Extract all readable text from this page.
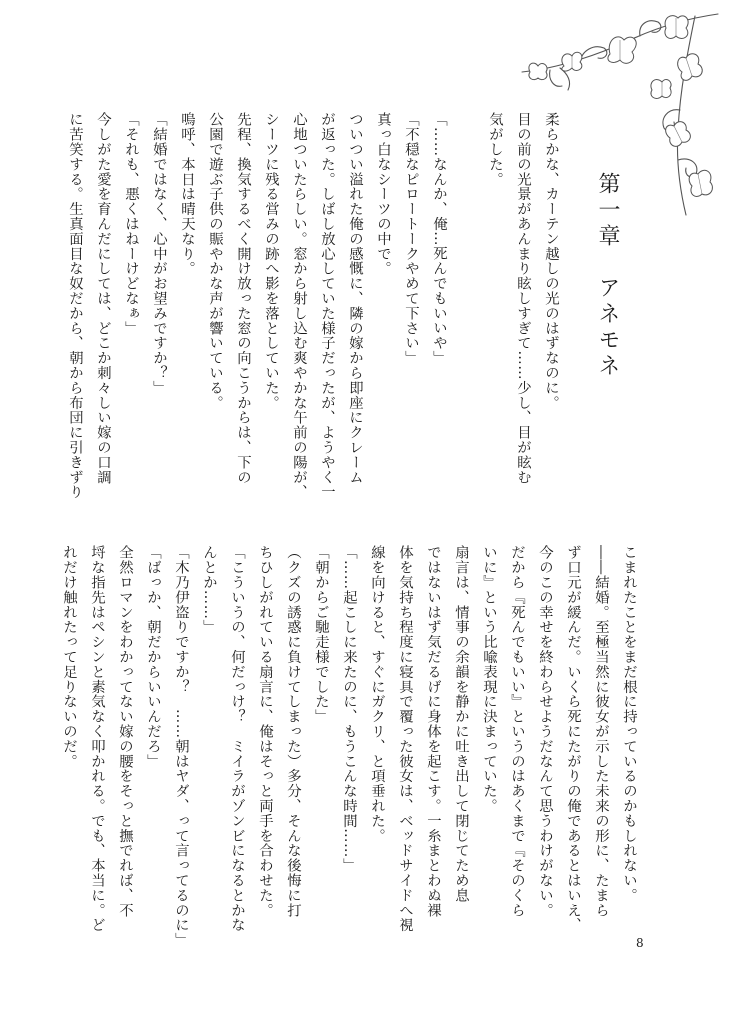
第一章　アネモネ
柔らかな、カーテン越しの光のはずなのに。
目の前の光景があんまり眩しすぎて……少し、目が眩む
気がした。

「……なんか、俺…死んでもいいや」
「不穏なピロートークやめて下さい」
真っ白なシーツの中で。
ついつい溢れた俺の感慨に、隣の嫁から即座にクレーム
が返った。しばし放心していた様子だったが、ようやく一
心地ついたらしい。窓から射し込む爽やかな午前の陽が、
シーツに残る営みの跡へ影を落としていた。
先程、換気するべく開け放った窓の向こうからは、下の
公園で遊ぶ子供の賑やかな声が響いている。
嗚呼、本日は晴天なり。
「結婚ではなく、心中がお望みですか？」
「それも、悪くはねーけどなぁ」
今しがた愛を育んだにしては、どこか刺々しい嫁の口調
に苦笑する。生真面目な奴だから、朝から布団に引きずり
こまれたことをまだ根に持っているのかもしれない。
――結婚。至極当然に彼女が示した未来の形に、たまら
ず口元が緩んだ。いくら死にたがりの俺であるとはいえ、
今のこの幸せを終わらせようだなんて思うわけがない。
だから『死んでもいい』というのはあくまで『そのくら
いに』という比喩表現に決まっていた。
扇言は、情事の余韻を静かに吐き出して閉じてため息
ではないはず気だるげに身体を起こす。一糸まとわぬ裸
体を気持ち程度に寝具で覆った彼女は、ベッドサイドへ視
線を向けると、すぐにガクリ、と項垂れた。
「……起こしに来たのに、もうこんな時間……」
「朝からご馳走様でした」
（クズの誘惑に負けてしまった）多分、そんな後悔に打
ちひしがれている扇言に、俺はそっと両手を合わせた。
「こういうの、何だっけ？　ミイラがゾンビになるとかな
んとか……」
「木乃伊盗りですか？　……朝はヤダ、って言ってるのに」
「ばっか、朝だからいいんだろ」
全然ロマンをわかってない嫁の腰をそっと撫でれば、不
埒な指先はペシンと素気なく叩かれる。でも、本当に。ど
れだけ触れたって足りないのだ。
8
